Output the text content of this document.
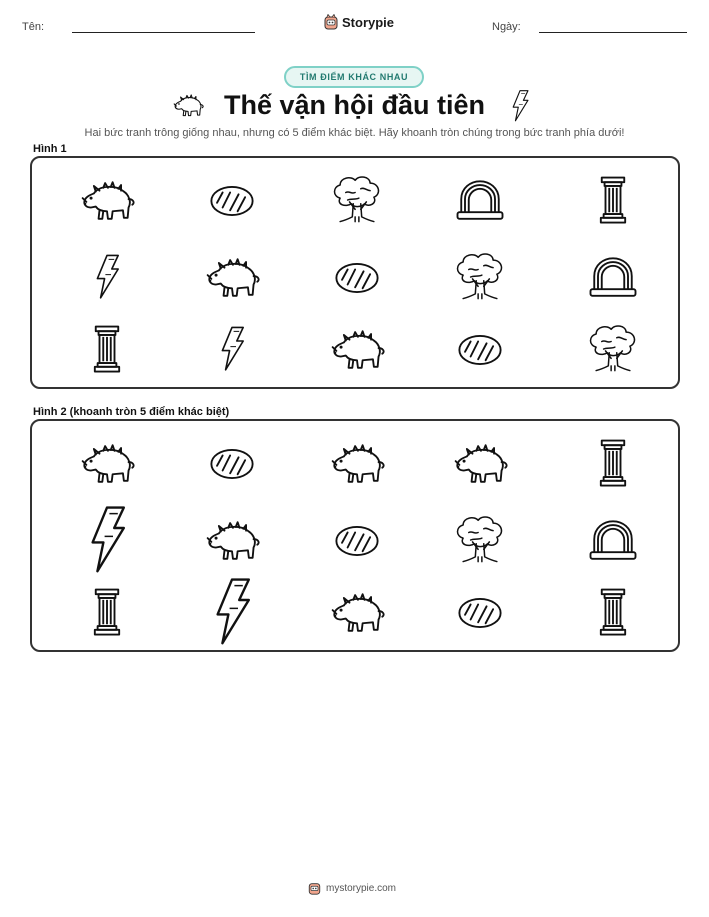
Tên:	Storypie	Ngày:
TÌM ĐIỂM KHÁC NHAU
Thế vận hội đầu tiên
Hai bức tranh trông giống nhau, nhưng có 5 điểm khác biệt. Hãy khoanh tròn chúng trong bức tranh phía dưới!
Hình 1
Hình 2 (khoanh tròn 5 điểm khác biệt)
mystorypie.com
